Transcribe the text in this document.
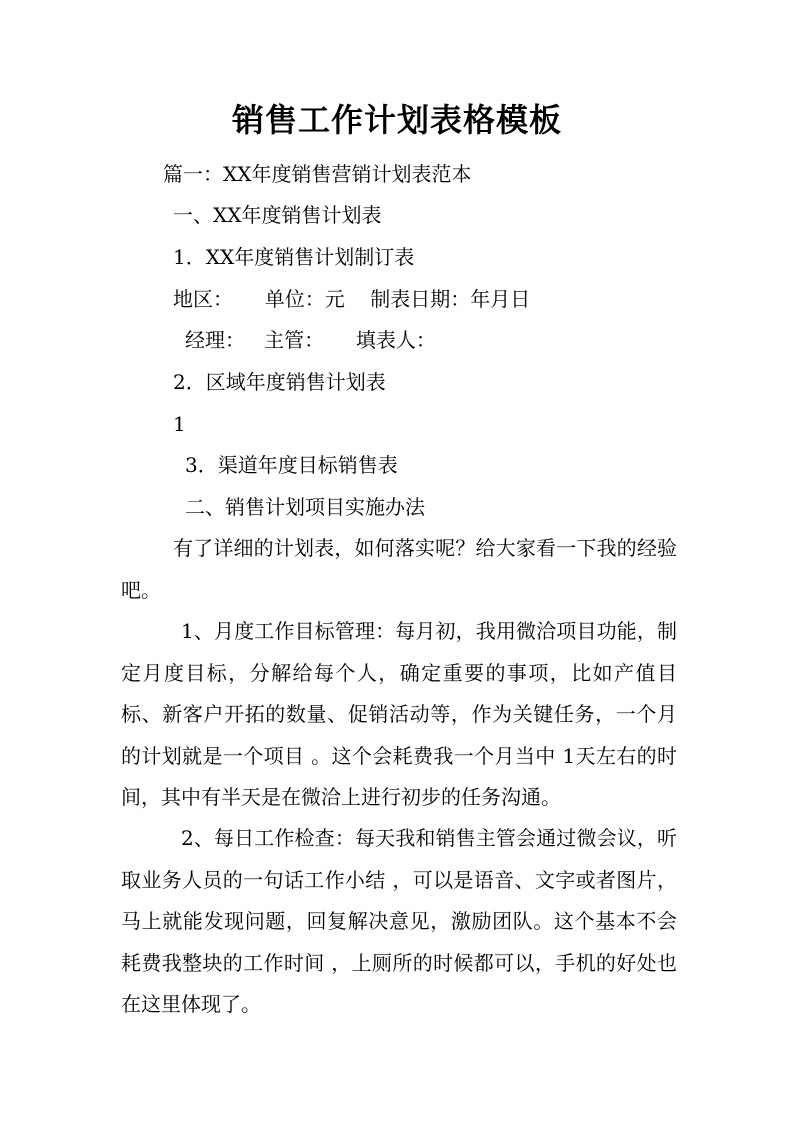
销售工作计划表格模板
篇一：XX年度销售营销计划表范本
一、XX年度销售计划表
1．XX年度销售计划制订表
地区：     单位：元    制表日期：年月日
经理：   主管：     填表人：
2．区域年度销售计划表
1
3．渠道年度目标销售表
二、销售计划项目实施办法
有了详细的计划表，如何落实呢？给大家看一下我的经验吧。
1、月度工作目标管理：每月初，我用微洽项目功能，制定月度目标，分解给每个人，确定重要的事项，比如产值目标、新客户开拓的数量、促销活动等，作为关键任务，一个月的计划就是一个项目 。这个会耗费我一个月当中 1天左右的时间，其中有半天是在微洽上进行初步的任务沟通。
2、每日工作检查：每天我和销售主管会通过微会议，听取业务人员的一句话工作小结 ，可以是语音、文字或者图片，马上就能发现问题，回复解决意见，激励团队。这个基本不会耗费我整块的工作时间 ，上厕所的时候都可以，手机的好处也在这里体现了。
